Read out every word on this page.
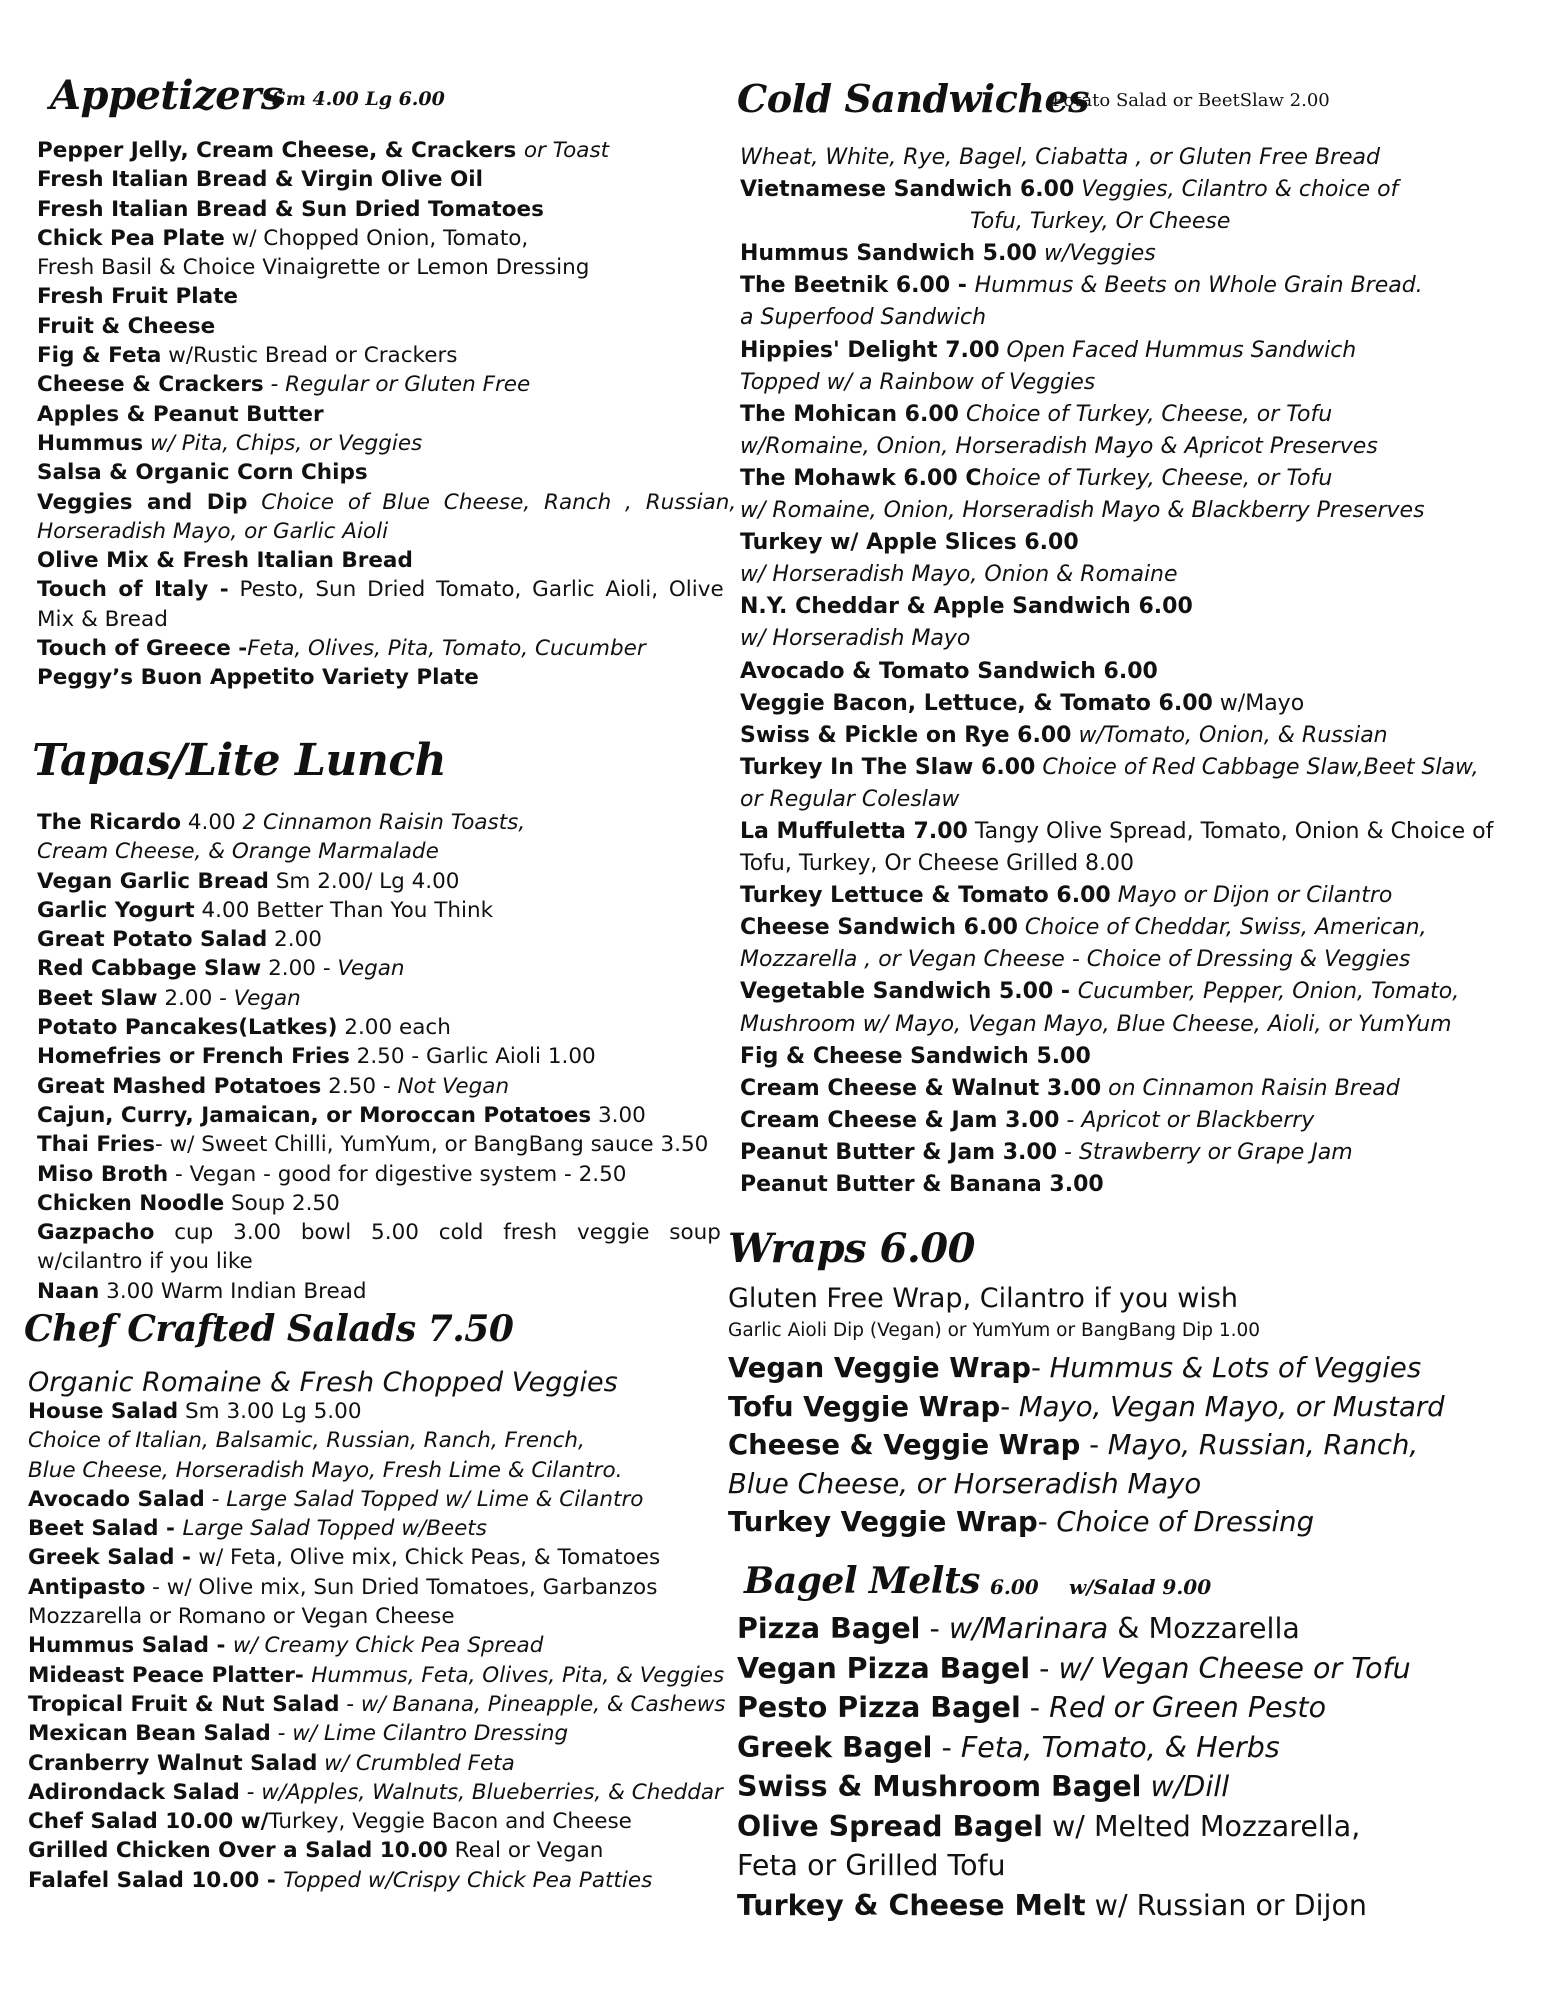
Appetizers
Sm 4.00 Lg 6.00
Pepper Jelly, Cream Cheese, & Crackers or Toast
Fresh Italian Bread & Virgin Olive Oil
Fresh Italian Bread & Sun Dried Tomatoes
Chick Pea Plate w/ Chopped Onion, Tomato,
Fresh Basil & Choice Vinaigrette or Lemon Dressing
Fresh Fruit Plate
Fruit & Cheese
Fig & Feta w/Rustic Bread or Crackers
Cheese & Crackers - Regular or Gluten Free
Apples & Peanut Butter
Hummus w/ Pita, Chips, or Veggies
Salsa & Organic Corn Chips
Veggies and Dip Choice of Blue Cheese, Ranch , Russian,
Horseradish Mayo, or Garlic Aioli
Olive Mix & Fresh Italian Bread
Touch of Italy - Pesto, Sun Dried Tomato, Garlic Aioli, Olive
Mix & Bread
Touch of Greece -Feta, Olives, Pita, Tomato, Cucumber
Peggy’s Buon Appetito Variety Plate
Tapas/Lite Lunch
The Ricardo 4.00 2 Cinnamon Raisin Toasts,
Cream Cheese, & Orange Marmalade
Vegan Garlic Bread Sm 2.00/ Lg 4.00
Garlic Yogurt 4.00 Better Than You Think
Great Potato Salad 2.00
Red Cabbage Slaw 2.00 - Vegan
Beet Slaw 2.00 - Vegan
Potato Pancakes(Latkes) 2.00 each
Homefries or French Fries 2.50 - Garlic Aioli 1.00
Great Mashed Potatoes 2.50 - Not Vegan
Cajun, Curry, Jamaican, or Moroccan Potatoes 3.00
Thai Fries- w/ Sweet Chilli, YumYum, or BangBang sauce 3.50
Miso Broth - Vegan - good for digestive system - 2.50
Chicken Noodle Soup 2.50
Gazpacho cup 3.00 bowl 5.00 cold fresh veggie soup
w/cilantro if you like
Naan 3.00 Warm Indian Bread
Chef Crafted Salads 7.50
Organic Romaine & Fresh Chopped Veggies
House Salad Sm 3.00 Lg 5.00
Choice of Italian, Balsamic, Russian, Ranch, French,
Blue Cheese, Horseradish Mayo, Fresh Lime & Cilantro.
Avocado Salad - Large Salad Topped w/ Lime & Cilantro
Beet Salad - Large Salad Topped w/Beets
Greek Salad - w/ Feta, Olive mix, Chick Peas, & Tomatoes
Antipasto - w/ Olive mix, Sun Dried Tomatoes, Garbanzos
Mozzarella or Romano or Vegan Cheese
Hummus Salad - w/ Creamy Chick Pea Spread
Mideast Peace Platter- Hummus, Feta, Olives, Pita, & Veggies
Tropical Fruit & Nut Salad - w/ Banana, Pineapple, & Cashews
Mexican Bean Salad - w/ Lime Cilantro Dressing
Cranberry Walnut Salad w/ Crumbled Feta
Adirondack Salad - w/Apples, Walnuts, Blueberries, & Cheddar
Chef Salad 10.00 w/Turkey, Veggie Bacon and Cheese
Grilled Chicken Over a Salad 10.00 Real or Vegan
Falafel Salad 10.00 - Topped w/Crispy Chick Pea Patties
Cold Sandwiches
Potato Salad or BeetSlaw 2.00
Wheat, White, Rye, Bagel, Ciabatta , or Gluten Free Bread
Vietnamese Sandwich 6.00 Veggies, Cilantro & choice of
Tofu, Turkey, Or Cheese
Hummus Sandwich 5.00 w/Veggies
The Beetnik 6.00 - Hummus & Beets on Whole Grain Bread.
a Superfood Sandwich
Hippies' Delight 7.00 Open Faced Hummus Sandwich
Topped w/ a Rainbow of Veggies
The Mohican 6.00 Choice of Turkey, Cheese, or Tofu
w/Romaine, Onion, Horseradish Mayo & Apricot Preserves
The Mohawk 6.00 Choice of Turkey, Cheese, or Tofu
w/ Romaine, Onion, Horseradish Mayo & Blackberry Preserves
Turkey w/ Apple Slices 6.00
w/ Horseradish Mayo, Onion & Romaine
N.Y. Cheddar & Apple Sandwich 6.00
w/ Horseradish Mayo
Avocado & Tomato Sandwich 6.00
Veggie Bacon, Lettuce, & Tomato 6.00 w/Mayo
Swiss & Pickle on Rye 6.00 w/Tomato, Onion, & Russian
Turkey In The Slaw 6.00 Choice of Red Cabbage Slaw,Beet Slaw,
or Regular Coleslaw
La Muffuletta 7.00 Tangy Olive Spread, Tomato, Onion & Choice of
Tofu, Turkey, Or Cheese Grilled 8.00
Turkey Lettuce & Tomato 6.00 Mayo or Dijon or Cilantro
Cheese Sandwich 6.00 Choice of Cheddar, Swiss, American,
Mozzarella , or Vegan Cheese - Choice of Dressing & Veggies
Vegetable Sandwich 5.00 - Cucumber, Pepper, Onion, Tomato,
Mushroom w/ Mayo, Vegan Mayo, Blue Cheese, Aioli, or YumYum
Fig & Cheese Sandwich 5.00
Cream Cheese & Walnut 3.00 on Cinnamon Raisin Bread
Cream Cheese & Jam 3.00 - Apricot or Blackberry
Peanut Butter & Jam 3.00 - Strawberry or Grape Jam
Peanut Butter & Banana 3.00
Wraps 6.00
Gluten Free Wrap, Cilantro if you wish
Garlic Aioli Dip (Vegan) or YumYum or BangBang Dip 1.00
Vegan Veggie Wrap- Hummus & Lots of Veggies
Tofu Veggie Wrap- Mayo, Vegan Mayo, or Mustard
Cheese & Veggie Wrap - Mayo, Russian, Ranch,
Blue Cheese, or Horseradish Mayo
Turkey Veggie Wrap- Choice of Dressing
Bagel Melts 6.00 w/Salad 9.00
Pizza Bagel - w/Marinara & Mozzarella
Vegan Pizza Bagel - w/ Vegan Cheese or Tofu
Pesto Pizza Bagel - Red or Green Pesto
Greek Bagel - Feta, Tomato, & Herbs
Swiss & Mushroom Bagel w/Dill
Olive Spread Bagel w/ Melted Mozzarella,
Feta or Grilled Tofu
Turkey & Cheese Melt w/ Russian or Dijon
